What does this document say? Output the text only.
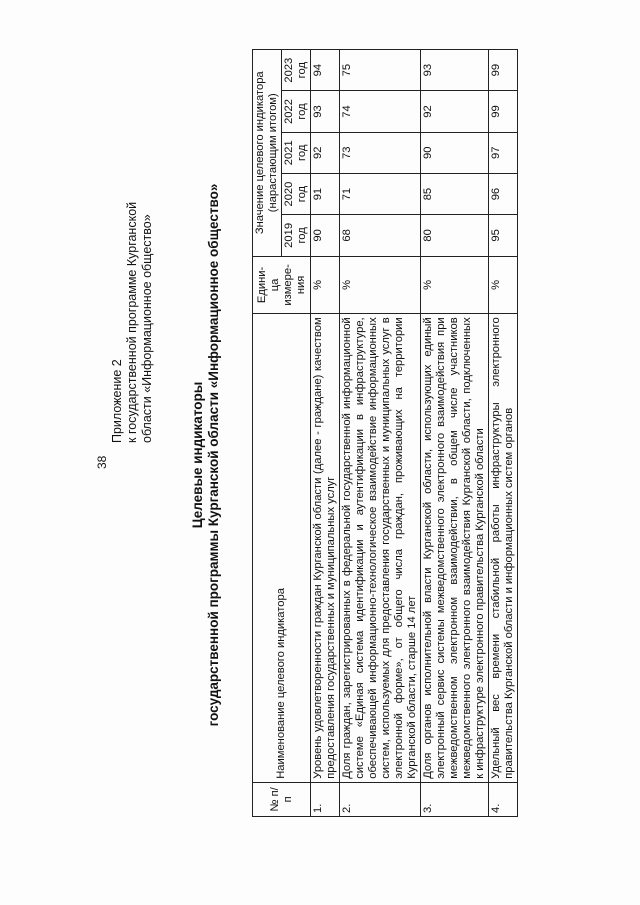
38
Приложение 2 к государственной программе Курганской области «Информационное общество»
Целевые индикаторы государственной программы Курганской области «Информационное общество»
№ п/п	Наименование целевого индикатора	Едини- ца измере- ния	Значение целевого индикатора (нарастающим итогом)				
			2019 год	2020 год	2021 год	2022 год	2023 год
1.	Уровень удовлетворенности граждан Курганской области (далее - граждане) качеством предоставления государственных и муниципальных услуг	%	90	91	92	93	94
2.	Доля граждан, зарегистрированных в федеральной государственной информационной системе «Единая система идентификации и аутентификации в инфраструктуре, обеспечивающей информационно-технологическое взаимодействие информационных систем, используемых для предоставления государственных и муниципальных услуг в электронной форме», от общего числа граждан, проживающих на территории Курганской области, старше 14 лет	%	68	71	73	74	75
3.	Доля органов исполнительной власти Курганской области, использующих единый электронный сервис системы межведомственного электронного взаимодействия при межведомственном электронном взаимодействии, в общем числе участников межведомственного электронного взаимодействия Курганской области, подключенных к инфраструктуре электронного правительства Курганской области	%	80	85	90	92	93
4.	Удельный вес времени стабильной работы инфраструктуры электронного правительства Курганской области и информационных систем органов	%	95	96	97	99	99
